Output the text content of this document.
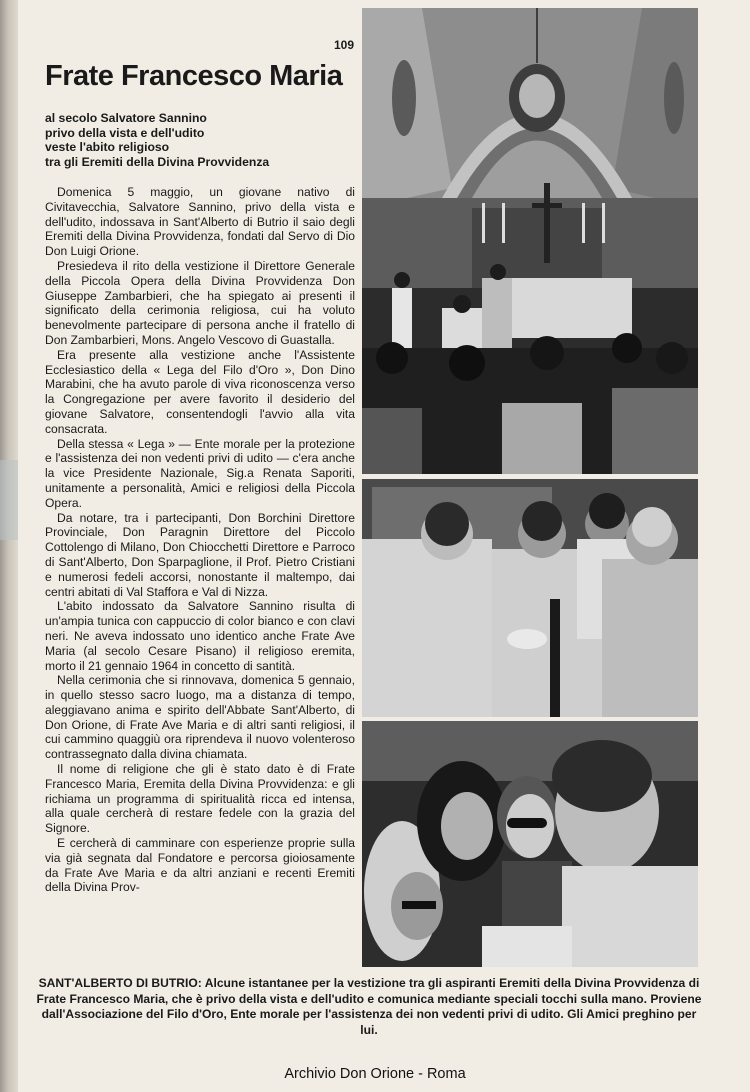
109
Frate Francesco Maria
al secolo Salvatore Sannino
privo della vista e dell'udito
veste l'abito religioso
tra gli Eremiti della Divina Provvidenza

Domenica 5 maggio, un giovane nativo di Civitavecchia, Salvatore Sannino, privo della vista e dell'udito, indossava in Sant'Alberto di Butrio il saio degli Eremiti della Divina Provvidenza, fondati dal Servo di Dio Don Luigi Orione.

Presiedeva il rito della vestizione il Direttore Generale della Piccola Opera della Divina Provvidenza Don Giuseppe Zambarbieri, che ha spiegato ai presenti il significato della cerimonia religiosa, cui ha voluto benevolmente partecipare di persona anche il fratello di Don Zambarbieri, Mons. Angelo Vescovo di Guastalla.

Era presente alla vestizione anche l'Assistente Ecclesiastico della « Lega del Filo d'Oro », Don Dino Marabini, che ha avuto parole di viva riconoscenza verso la Congregazione per avere favorito il desiderio del giovane Salvatore, consentendogli l'avvio alla vita consacrata.

Della stessa « Lega » — Ente morale per la protezione e l'assistenza dei non vedenti privi di udito — c'era anche la vice Presidente Nazionale, Sig.a Renata Saporiti, unitamente a personalità, Amici e religiosi della Piccola Opera.

Da notare, tra i partecipanti, Don Borchini Direttore Provinciale, Don Paragnin Direttore del Piccolo Cottolengo di Milano, Don Chiocchetti Direttore e Parroco di Sant'Alberto, Don Sparpaglione, il Prof. Pietro Cristiani e numerosi fedeli accorsi, nonostante il maltempo, dai centri abitati di Val Staffora e Val di Nizza.

L'abito indossato da Salvatore Sannino risulta di un'ampia tunica con cappuccio di color bianco e con clavi neri. Ne aveva indossato uno identico anche Frate Ave Maria (al secolo Cesare Pisano) il religioso eremita, morto il 21 gennaio 1964 in concetto di santità.

Nella cerimonia che si rinnovava, domenica 5 gennaio, in quello stesso sacro luogo, ma a distanza di tempo, aleggiavano anima e spirito dell'Abbate Sant'Alberto, di Don Orione, di Frate Ave Maria e di altri santi religiosi, il cui cammino quaggiù ora riprendeva il nuovo volenteroso contrassegnato dalla divina chiamata.

Il nome di religione che gli è stato dato è di Frate Francesco Maria, Eremita della Divina Provvidenza: e gli richiama un programma di spiritualità ricca ed intensa, alla quale cercherà di restare fedele con la grazia del Signore.

E cercherà di camminare con esperienze proprie sulla via già segnata dal Fondatore e percorsa gioiosamente da Frate Ave Maria e da altri anziani e recenti Eremiti della Divina Prov-

SANT'ALBERTO DI BUTRIO: Alcune istantanee per la vestizione tra gli aspiranti Eremiti della Divina Provvidenza di Frate Francesco Maria, che è privo della vista e dell'udito e comunica mediante speciali tocchi sulla mano. Proviene dall'Associazione del Filo d'Oro, Ente morale per l'assistenza dei non vedenti privi di udito. Gli Amici preghino per lui.
Archivio Don Orione - Roma
